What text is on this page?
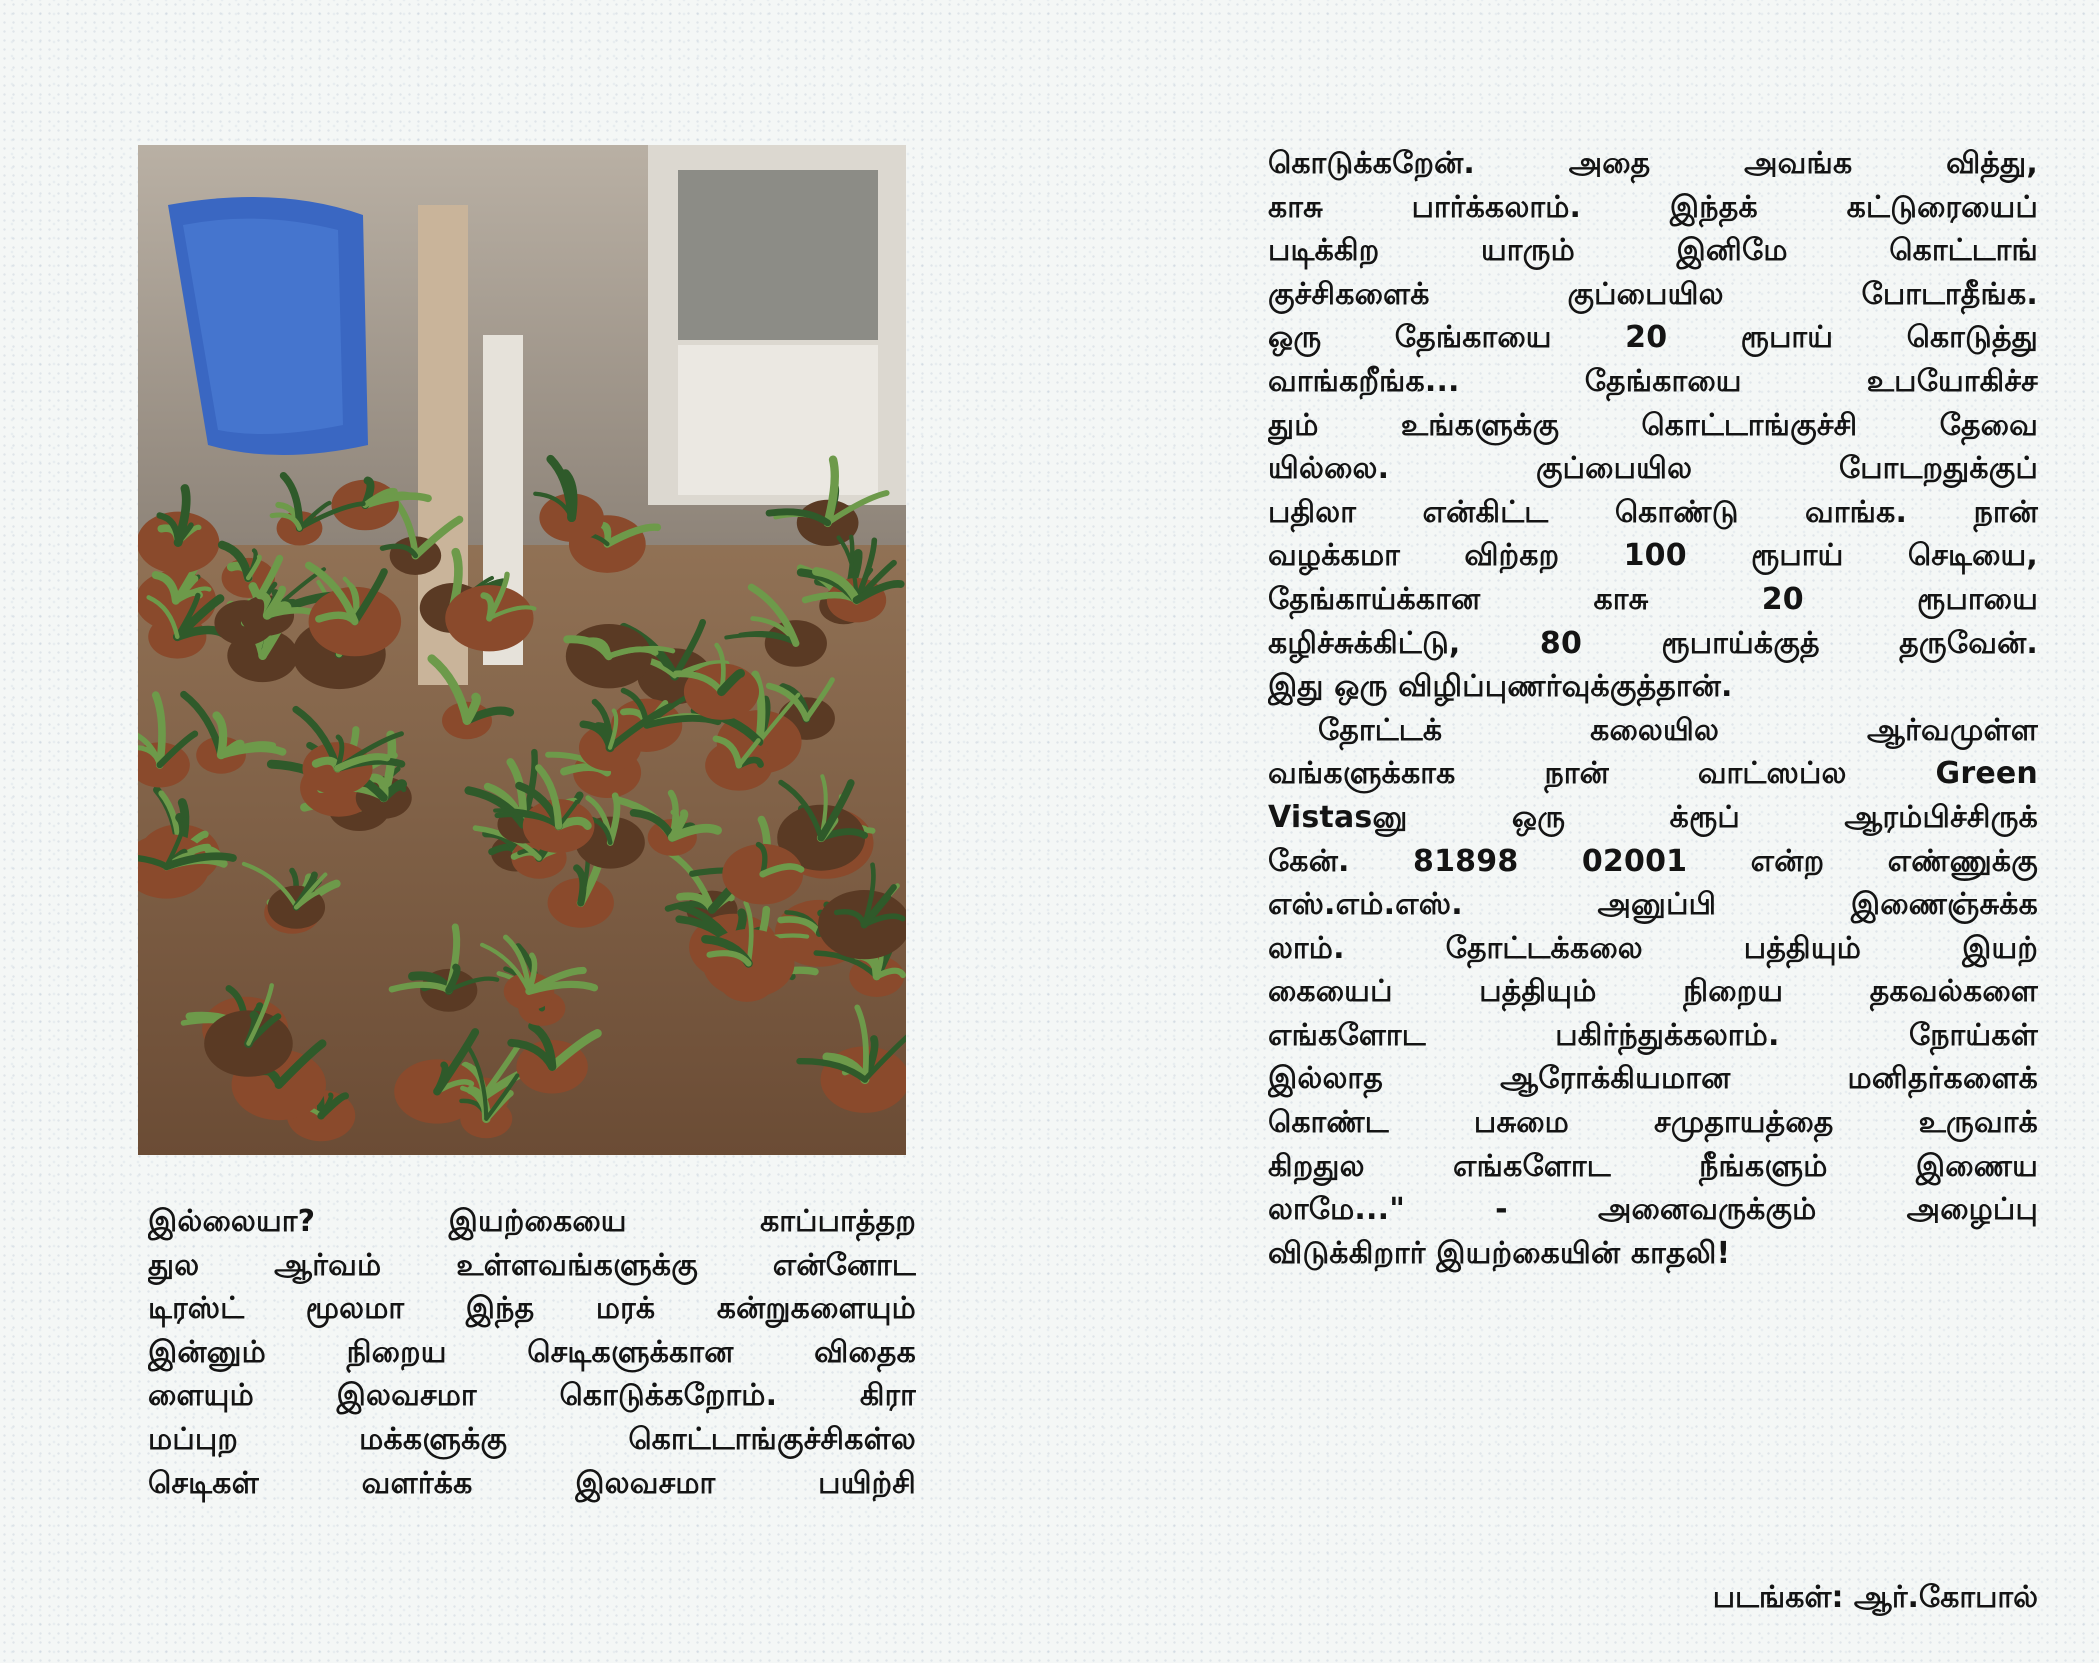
இல்லையா? இயற்கையை காப்பாத்தற
துல ஆர்வம் உள்ளவங்களுக்கு என்னோட
டிரஸ்ட் மூலமா இந்த மரக் கன்றுகளையும்
இன்னும் நிறைய செடிகளுக்கான விதைக
ளையும் இலவசமா கொடுக்கறோம். கிரா
மப்புற மக்களுக்கு கொட்டாங்குச்சிகள்ல
செடிகள் வளர்க்க இலவசமா பயிற்சி
கொடுக்கறேன். அதை அவங்க வித்து,
காசு பார்க்கலாம். இந்தக் கட்டுரையைப்
படிக்கிற யாரும் இனிமே கொட்டாங்
குச்சிகளைக் குப்பையில போடாதீங்க.
ஒரு தேங்காயை 20 ரூபாய் கொடுத்து
வாங்கறீங்க... தேங்காயை உபயோகிச்ச
தும் உங்களுக்கு கொட்டாங்குச்சி தேவை
யில்லை. குப்பையில போடறதுக்குப்
பதிலா என்கிட்ட கொண்டு வாங்க. நான்
வழக்கமா விற்கற 100 ரூபாய் செடியை,
தேங்காய்க்கான காசு 20 ரூபாயை
கழிச்சுக்கிட்டு, 80 ரூபாய்க்குத் தருவேன்.
இது ஒரு விழிப்புணர்வுக்குத்தான்.
தோட்டக் கலையில ஆர்வமுள்ள
வங்களுக்காக நான் வாட்ஸப்ல Green
Vistasனு ஒரு க்ரூப் ஆரம்பிச்சிருக்
கேன். 81898 02001 என்ற எண்ணுக்கு
எஸ்.எம்.எஸ். அனுப்பி இணைஞ்சுக்க
லாம். தோட்டக்கலை பத்தியும் இயற்
கையைப் பத்தியும் நிறைய தகவல்களை
எங்களோட பகிர்ந்துக்கலாம். நோய்கள்
இல்லாத ஆரோக்கியமான மனிதர்களைக்
கொண்ட பசுமை சமுதாயத்தை உருவாக்
கிறதுல எங்களோட நீங்களும் இணைய
லாமே..." - அனைவருக்கும் அழைப்பு
விடுக்கிறார் இயற்கையின் காதலி!
படங்கள்: ஆர்.கோபால்
